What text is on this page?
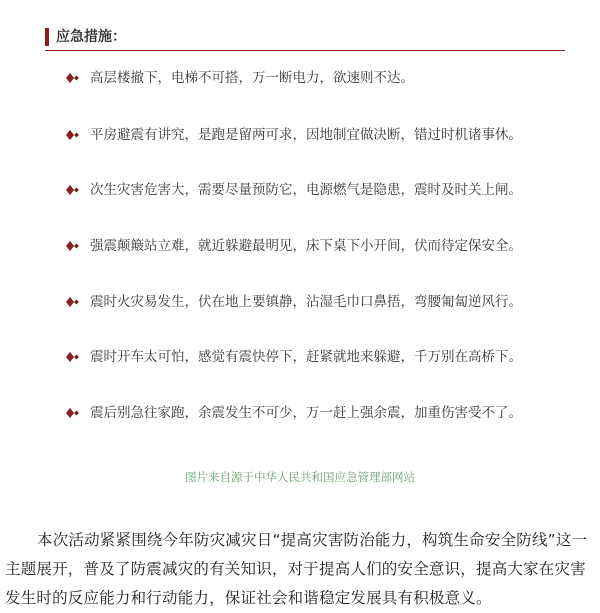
应急措施：
高层楼撤下，电梯不可搭，万一断电力，欲速则不达。
平房避震有讲究，是跑是留两可求，因地制宜做决断，错过时机诸事休。
次生灾害危害大，需要尽量预防它，电源燃气是隐患，震时及时关上闸。
强震颠簸站立难，就近躲避最明见，床下桌下小开间，伏而待定保安全。
震时火灾易发生，伏在地上要镇静，沾湿毛巾口鼻捂，弯腰匍匐逆风行。
震时开车太可怕，感觉有震快停下，赶紧就地来躲避，千万别在高桥下。
震后别急往家跑，余震发生不可少，万一赶上强余震，加重伤害受不了。
图片来自源于中华人民共和国应急管理部网站

本次活动紧紧围绕今年防灾减灾日“提高灾害防治能力，构筑生命安全防线”这一主题展开，普及了防震减灾的有关知识，对于提高人们的安全意识，提高大家在灾害发生时的反应能力和行动能力，保证社会和谐稳定发展具有积极意义。
